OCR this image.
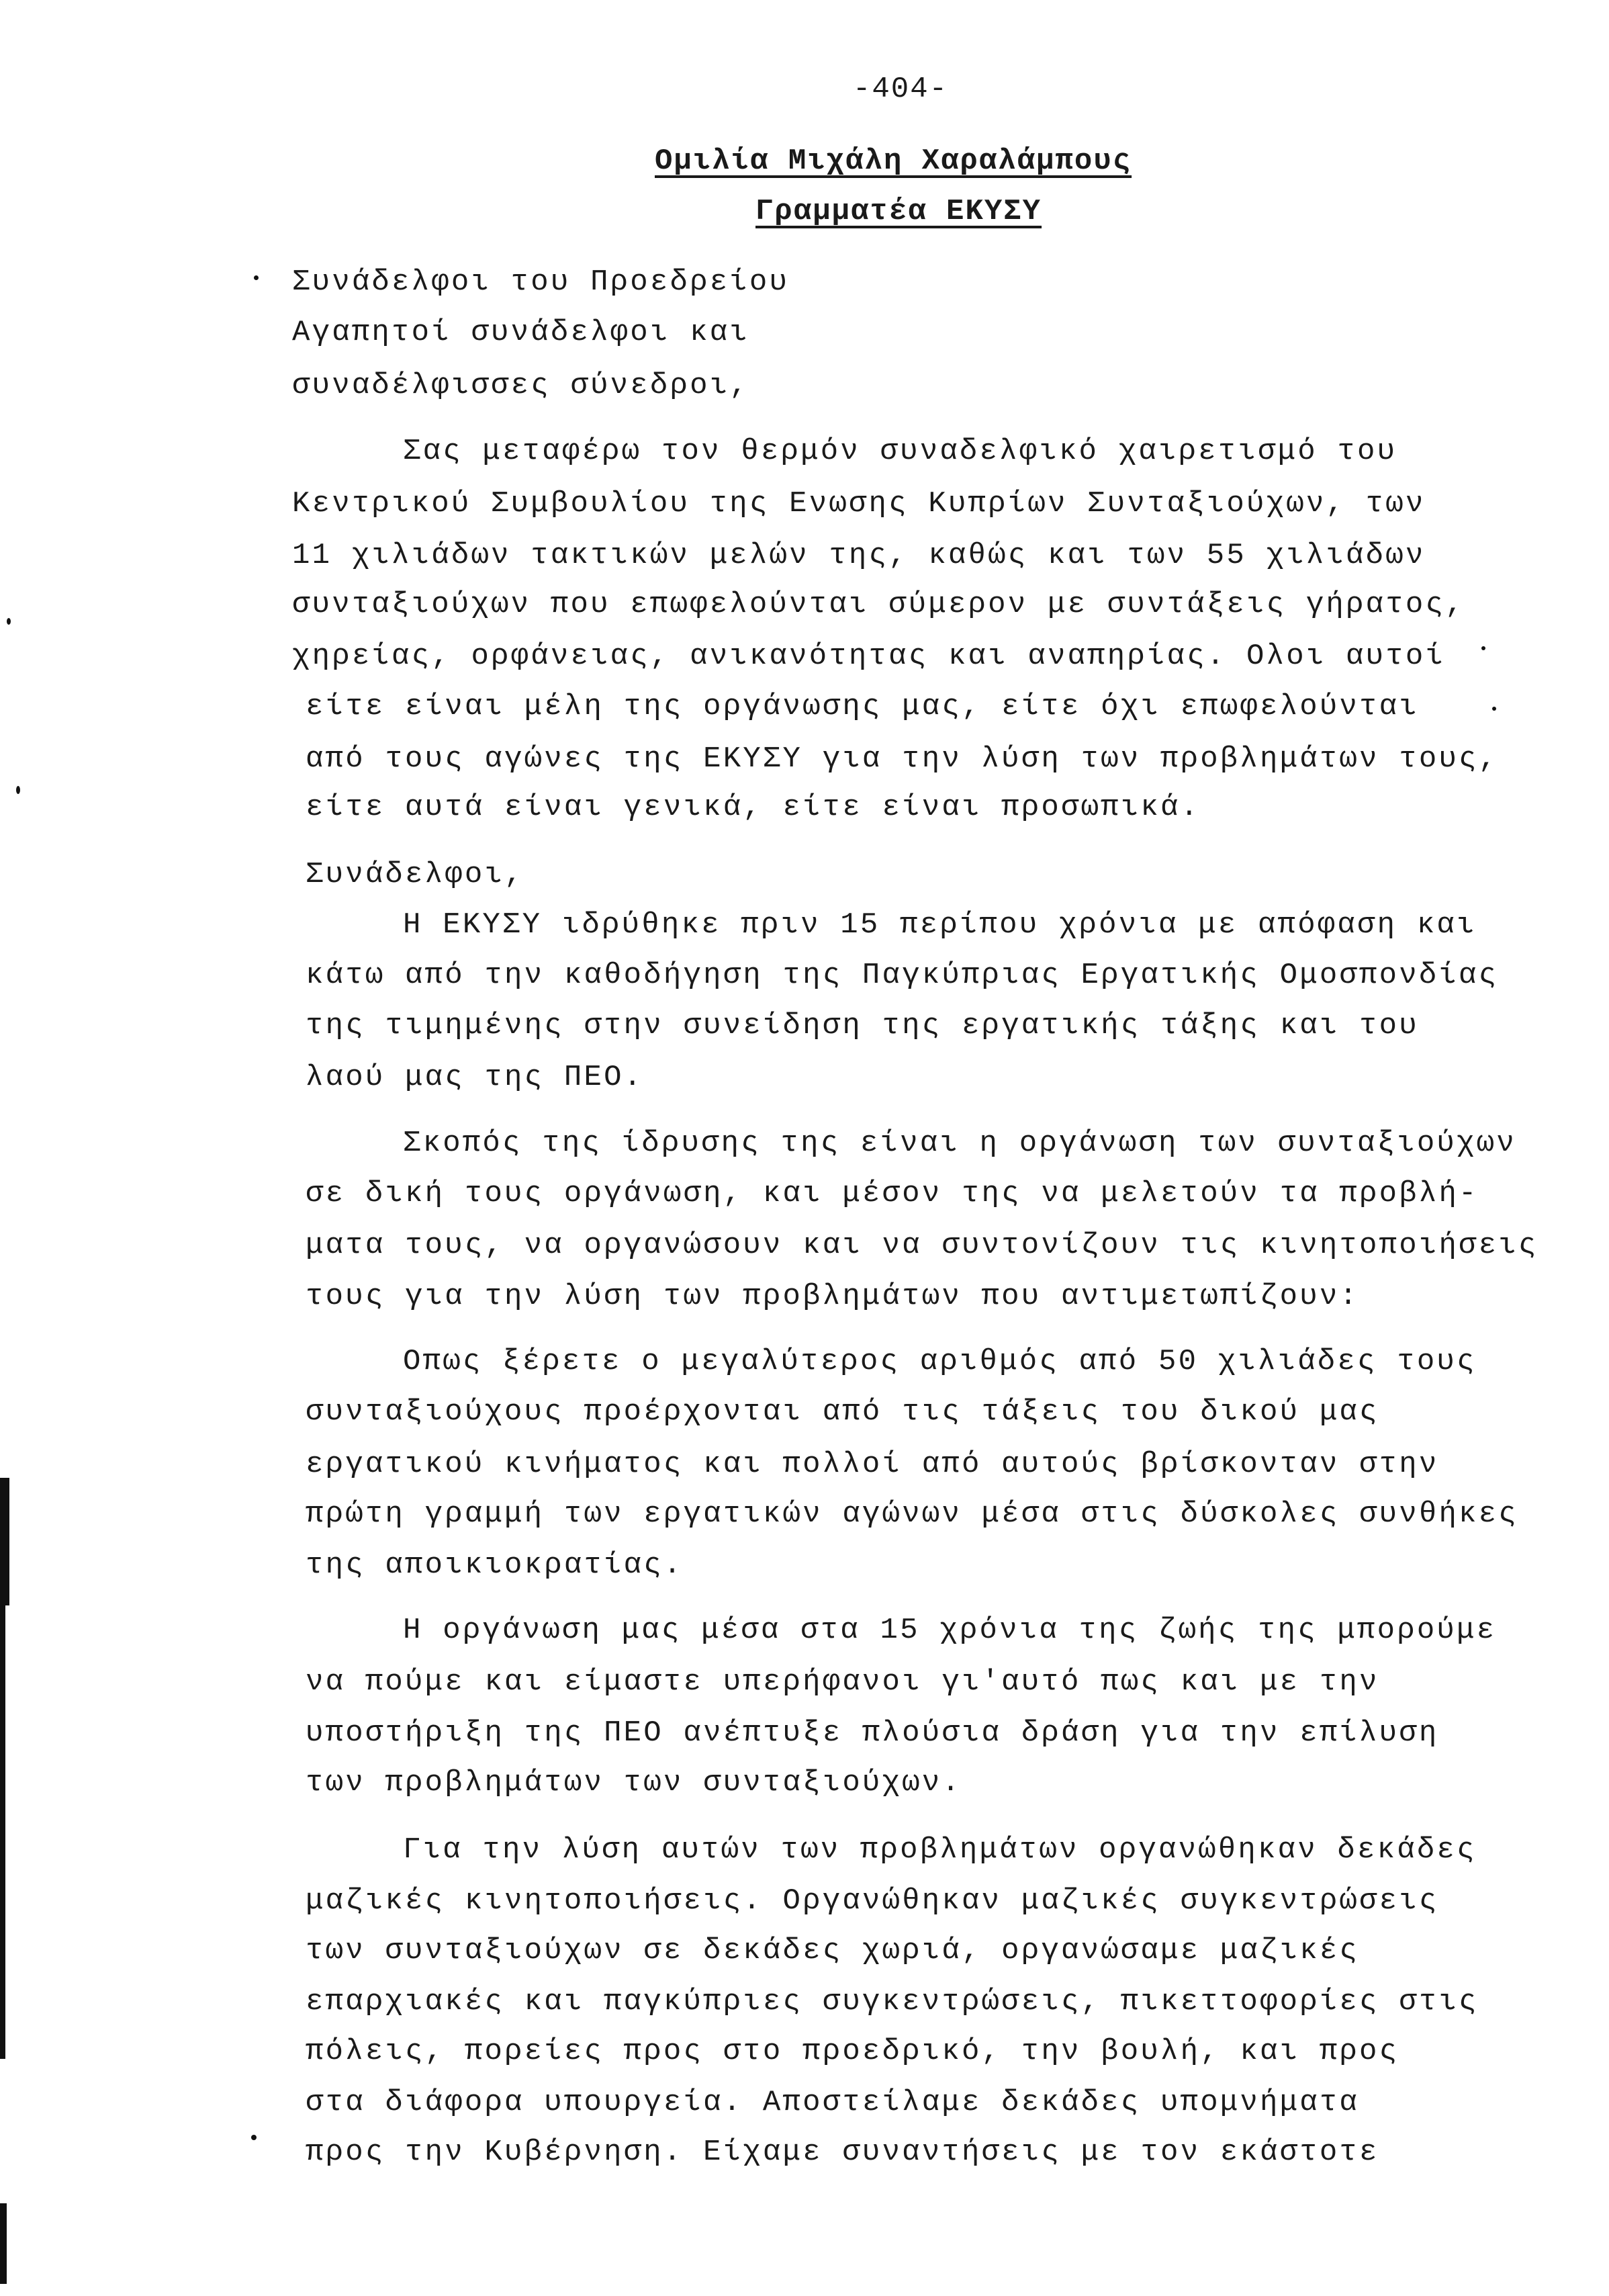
-404-
Ομιλία Μιχάλη Χαραλάμπους
Γραμματέα ΕΚΥΣΥ
Συνάδελφοι του Προεδρείου
Αγαπητοί συνάδελφοι και
συναδέλφισσες σύνεδροι,
Σας μεταφέρω τον θερμόν συναδελφικό χαιρετισμό του
Κεντρικού Συμβουλίου της Ενωσης Κυπρίων Συνταξιούχων, των
11 χιλιάδων τακτικών μελών της, καθώς και των 55 χιλιάδων
συνταξιούχων που επωφελούνται σύμερον με συντάξεις γήρατος,
χηρείας, ορφάνειας, ανικανότητας και αναπηρίας. Ολοι αυτοί
είτε είναι μέλη της οργάνωσης μας, είτε όχι επωφελούνται
από τους αγώνες της ΕΚΥΣΥ για την λύση των προβλημάτων τους,
είτε αυτά είναι γενικά, είτε είναι προσωπικά.
Συνάδελφοι,
Η ΕΚΥΣΥ ιδρύθηκε πριν 15 περίπου χρόνια με απόφαση και
κάτω από την καθοδήγηση της Παγκύπριας Εργατικής Ομοσπονδίας
της τιμημένης στην συνείδηση της εργατικής τάξης και του
λαού μας της ΠΕΟ.
Σκοπός της ίδρυσης της είναι η οργάνωση των συνταξιούχων
σε δική τους οργάνωση, και μέσον της να μελετούν τα προβλή-
ματα τους, να οργανώσουν και να συντονίζουν τις κινητοποιήσεις
τους για την λύση των προβλημάτων που αντιμετωπίζουν:
Οπως ξέρετε ο μεγαλύτερος αριθμός από 50 χιλιάδες τους
συνταξιούχους προέρχονται από τις τάξεις του δικού μας
εργατικού κινήματος και πολλοί από αυτούς βρίσκονταν στην
πρώτη γραμμή των εργατικών αγώνων μέσα στις δύσκολες συνθήκες
της αποικιοκρατίας.
Η οργάνωση μας μέσα στα 15 χρόνια της ζωής της μπορούμε
να πούμε και είμαστε υπερήφανοι γι'αυτό πως και με την
υποστήριξη της ΠΕΟ ανέπτυξε πλούσια δράση για την επίλυση
των προβλημάτων των συνταξιούχων.
Για την λύση αυτών των προβλημάτων οργανώθηκαν δεκάδες
μαζικές κινητοποιήσεις. Οργανώθηκαν μαζικές συγκεντρώσεις
των συνταξιούχων σε δεκάδες χωριά, οργανώσαμε μαζικές
επαρχιακές και παγκύπριες συγκεντρώσεις, πικεττοφορίες στις
πόλεις, πορείες προς στο προεδρικό, την βουλή, και προς
στα διάφορα υπουργεία. Αποστείλαμε δεκάδες υπομνήματα
προς την Κυβέρνηση. Είχαμε συναντήσεις με τον εκάστοτε
